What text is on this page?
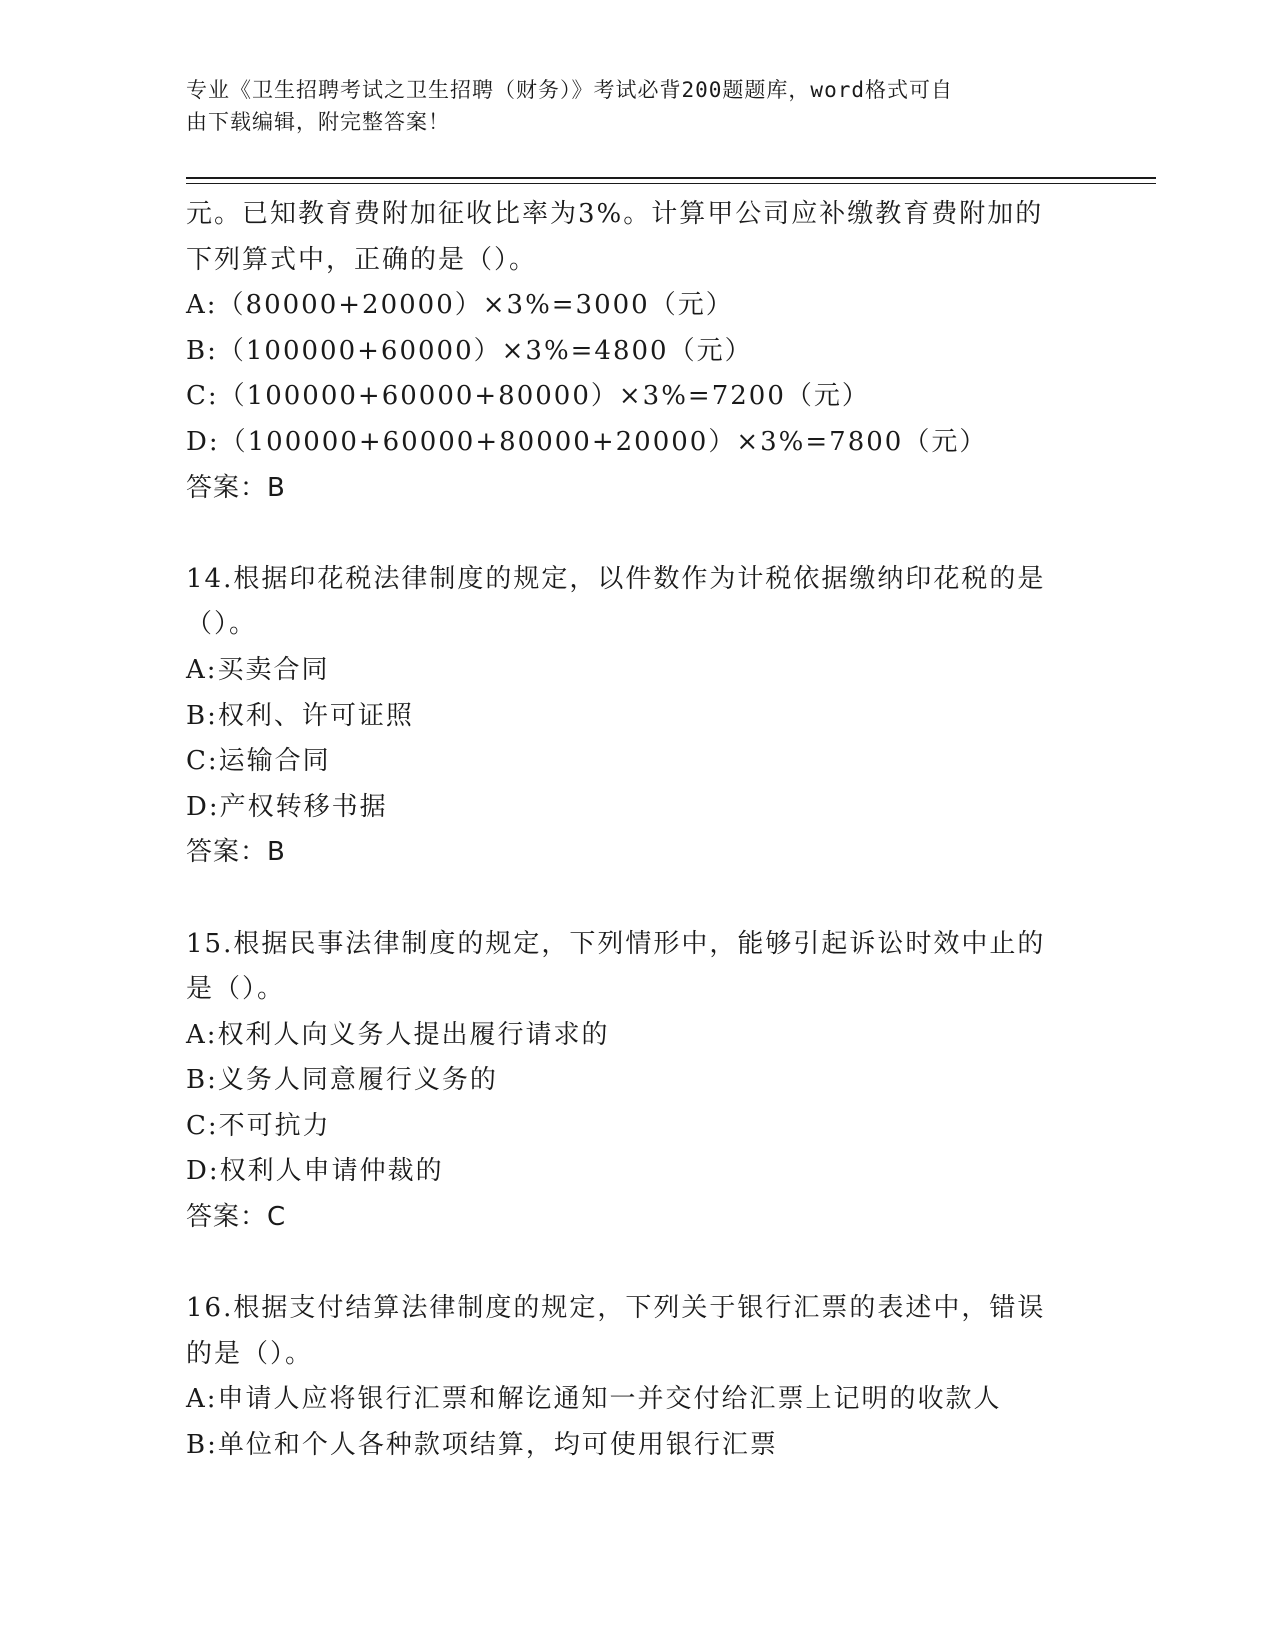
专业《卫生招聘考试之卫生招聘（财务）》考试必背200题题库，word格式可自
由下载编辑，附完整答案！
元。已知教育费附加征收比率为3%。计算甲公司应补缴教育费附加的
下列算式中，正确的是（）。
A:（80000+20000）×3%=3000（元）
B:（100000+60000）×3%=4800（元）
C:（100000+60000+80000）×3%=7200（元）
D:（100000+60000+80000+20000）×3%=7800（元）
答案：B
14.根据印花税法律制度的规定，以件数作为计税依据缴纳印花税的是
（）。
A:买卖合同
B:权利、许可证照
C:运输合同
D:产权转移书据
答案：B
15.根据民事法律制度的规定，下列情形中，能够引起诉讼时效中止的
是（）。
A:权利人向义务人提出履行请求的
B:义务人同意履行义务的
C:不可抗力
D:权利人申请仲裁的
答案：C
16.根据支付结算法律制度的规定，下列关于银行汇票的表述中，错误
的是（）。
A:申请人应将银行汇票和解讫通知一并交付给汇票上记明的收款人
B:单位和个人各种款项结算，均可使用银行汇票
